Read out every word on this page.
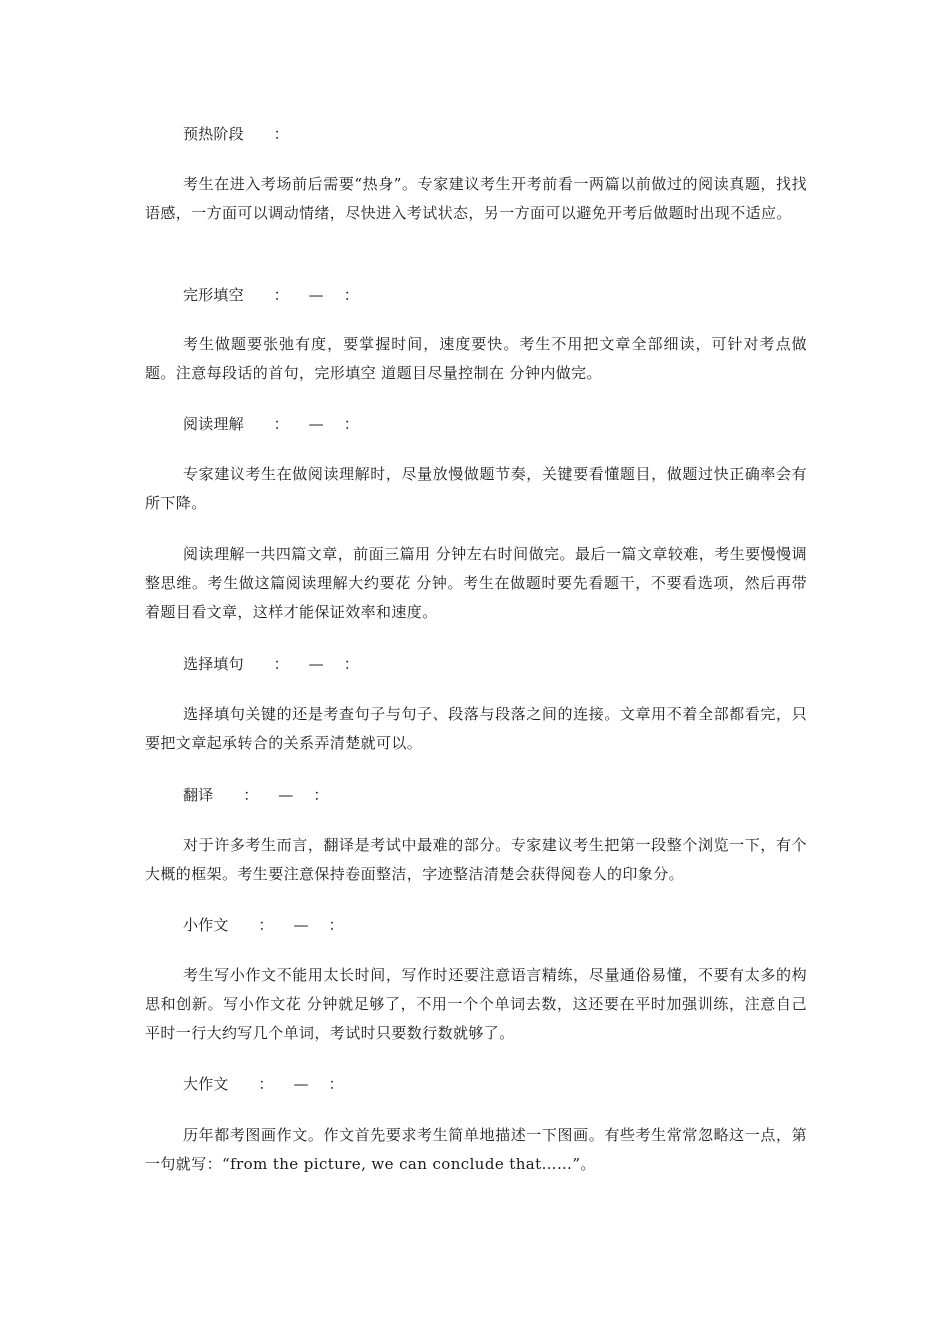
预热阶段      ：

考生在进入考场前后需要“热身”。专家建议考生开考前看一两篇以前做过的阅读真题，找找语感，一方面可以调动情绪，尽快进入考试状态，另一方面可以避免开考后做题时出现不适应。

完形填空      ：    —    ：

考生做题要张弛有度，要掌握时间，速度要快。考生不用把文章全部细读，可针对考点做题。注意每段话的首句，完形填空 道题目尽量控制在 分钟内做完。

阅读理解      ：    —    ：

专家建议考生在做阅读理解时，尽量放慢做题节奏，关键要看懂题目，做题过快正确率会有所下降。

阅读理解一共四篇文章，前面三篇用 分钟左右时间做完。最后一篇文章较难，考生要慢慢调整思维。考生做这篇阅读理解大约要花 分钟。考生在做题时要先看题干，不要看选项，然后再带着题目看文章，这样才能保证效率和速度。

选择填句      ：    —    ：

选择填句关键的还是考查句子与句子、段落与段落之间的连接。文章用不着全部都看完，只要把文章起承转合的关系弄清楚就可以。

翻译      ：    —    ：

对于许多考生而言，翻译是考试中最难的部分。专家建议考生把第一段整个浏览一下，有个大概的框架。考生要注意保持卷面整洁，字迹整洁清楚会获得阅卷人的印象分。

小作文      ：    —    ：

考生写小作文不能用太长时间，写作时还要注意语言精练，尽量通俗易懂，不要有太多的构思和创新。写小作文花 分钟就足够了，不用一个个单词去数，这还要在平时加强训练，注意自己平时一行大约写几个单词，考试时只要数行数就够了。

大作文      ：    —    ：

历年都考图画作文。作文首先要求考生简单地描述一下图画。有些考生常常忽略这一点，第一句就写：“from the picture, we can conclude that……”。
